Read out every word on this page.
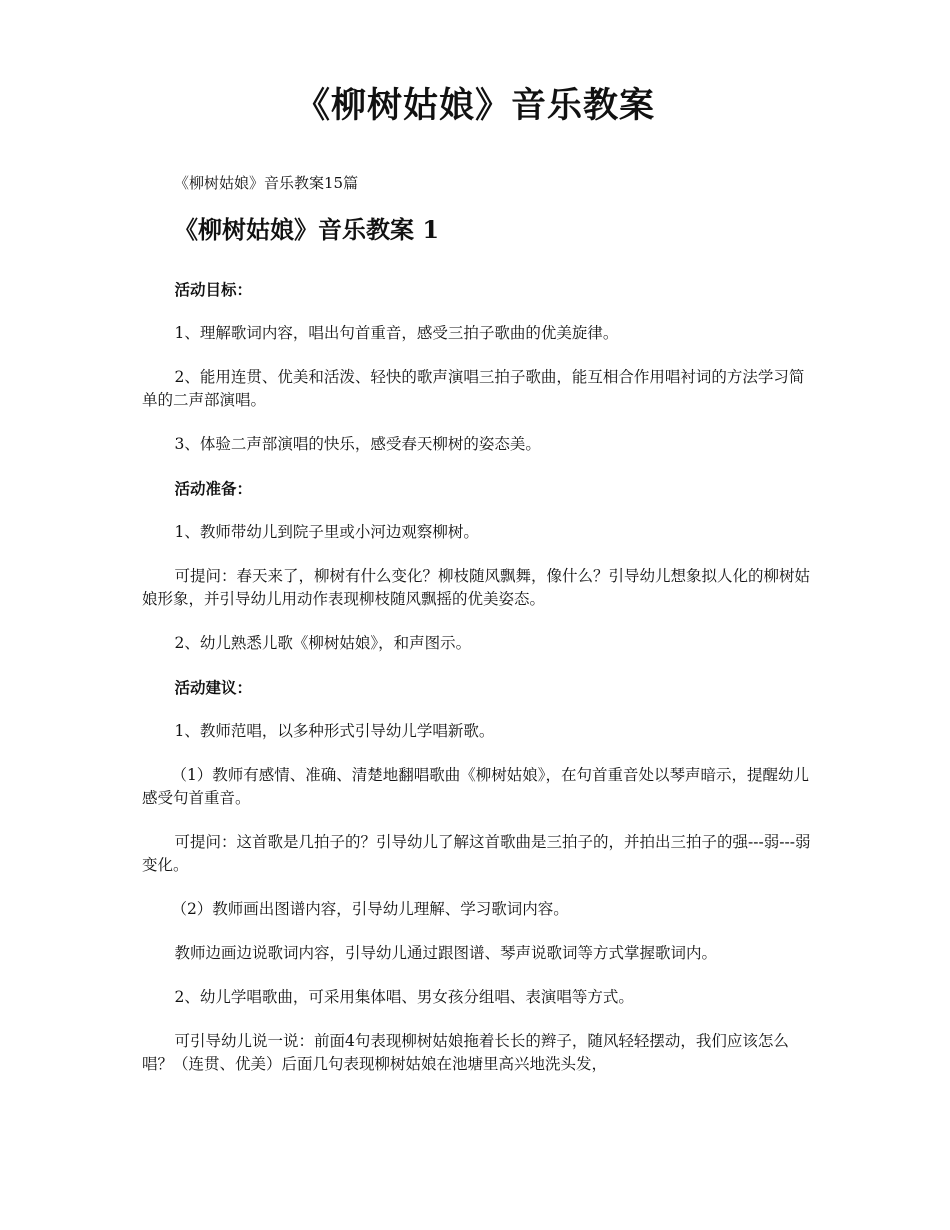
《柳树姑娘》音乐教案

《柳树姑娘》音乐教案15篇

《柳树姑娘》音乐教案 1

活动目标：

1、理解歌词内容，唱出句首重音，感受三拍子歌曲的优美旋律。

2、能用连贯、优美和活泼、轻快的歌声演唱三拍子歌曲，能互相合作用唱衬词的方法学习简单的二声部演唱。

3、体验二声部演唱的快乐，感受春天柳树的姿态美。

活动准备：

1、教师带幼儿到院子里或小河边观察柳树。

可提问：春天来了，柳树有什么变化？柳枝随风飘舞，像什么？引导幼儿想象拟人化的柳树姑娘形象，并引导幼儿用动作表现柳枝随风飘摇的优美姿态。

2、幼儿熟悉儿歌《柳树姑娘》，和声图示。

活动建议：

1、教师范唱，以多种形式引导幼儿学唱新歌。

（1）教师有感情、准确、清楚地翻唱歌曲《柳树姑娘》，在句首重音处以琴声暗示，提醒幼儿感受句首重音。

可提问：这首歌是几拍子的？引导幼儿了解这首歌曲是三拍子的，并拍出三拍子的强---弱---弱变化。

（2）教师画出图谱内容，引导幼儿理解、学习歌词内容。

教师边画边说歌词内容，引导幼儿通过跟图谱、琴声说歌词等方式掌握歌词内。

2、幼儿学唱歌曲，可采用集体唱、男女孩分组唱、表演唱等方式。

可引导幼儿说一说：前面4句表现柳树姑娘拖着长长的辫子，随风轻轻摆动，我们应该怎么唱？（连贯、优美）后面几句表现柳树姑娘在池塘里高兴地洗头发，
